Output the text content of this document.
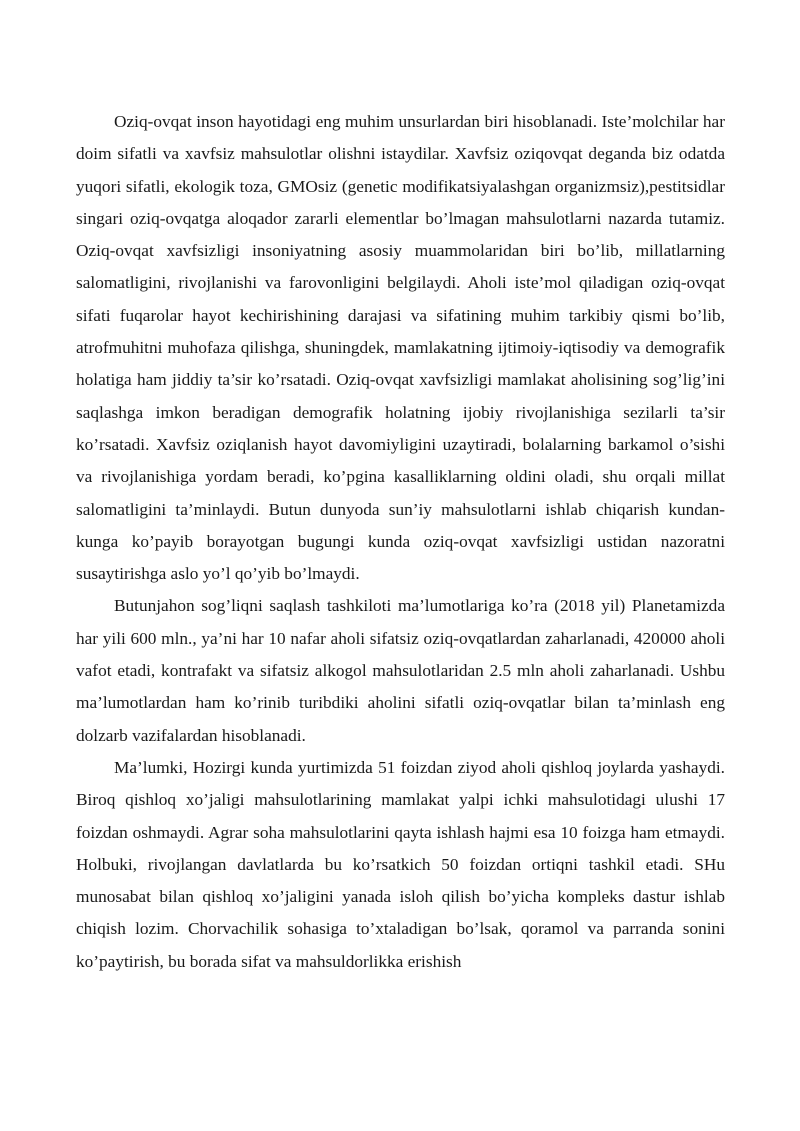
Oziq-ovqat inson hayotidagi eng muhim unsurlardan biri hisoblanadi. Iste’molchilar har doim sifatli va xavfsiz mahsulotlar olishni istaydilar. Xavfsiz oziqovqat deganda biz odatda yuqori sifatli, ekologik toza, GMOsiz (genetic modifikatsiyalashgan organizmsiz),pestitsidlar singari oziq-ovqatga aloqador zararli elementlar bo’lmagan mahsulotlarni nazarda tutamiz. Oziq-ovqat xavfsizligi insoniyatning asosiy muammolaridan biri bo’lib, millatlarning salomatligini, rivojlanishi va farovonligini belgilaydi. Aholi iste’mol qiladigan oziq-ovqat sifati fuqarolar hayot kechirishining darajasi va sifatining muhim tarkibiy qismi bo’lib, atrofmuhitni muhofaza qilishga, shuningdek, mamlakatning ijtimoiy-iqtisodiy va demografik holatiga ham jiddiy ta’sir ko’rsatadi. Oziq-ovqat xavfsizligi mamlakat aholisining sog’lig’ini saqlashga imkon beradigan demografik holatning ijobiy rivojlanishiga sezilarli ta’sir ko’rsatadi. Xavfsiz oziqlanish hayot davomiyligini uzaytiradi, bolalarning barkamol o’sishi va rivojlanishiga yordam beradi, ko’pgina kasalliklarning oldini oladi, shu orqali millat salomatligini ta’minlaydi. Butun dunyoda sun’iy mahsulotlarni ishlab chiqarish kundan-kunga ko’payib borayotgan bugungi kunda oziq-ovqat xavfsizligi ustidan nazoratni susaytirishga aslo yo’l qo’yib bo’lmaydi.

Butunjahon sog’liqni saqlash tashkiloti ma’lumotlariga ko’ra (2018 yil) Planetamizda har yili 600 mln., ya’ni har 10 nafar aholi sifatsiz oziq-ovqatlardan zaharlanadi, 420000 aholi vafot etadi, kontrafakt va sifatsiz alkogol mahsulotlaridan 2.5 mln aholi zaharlanadi. Ushbu ma’lumotlardan ham ko’rinib turibdiki aholini sifatli oziq-ovqatlar bilan ta’minlash eng dolzarb vazifalardan hisoblanadi.

Ma’lumki, Hozirgi kunda yurtimizda 51 foizdan ziyod aholi qishloq joylarda yashaydi. Biroq qishloq xo’jaligi mahsulotlarining mamlakat yalpi ichki mahsulotidagi ulushi 17 foizdan oshmaydi. Agrar soha mahsulotlarini qayta ishlash hajmi esa 10 foizga ham etmaydi. Holbuki, rivojlangan davlatlarda bu ko’rsatkich 50 foizdan ortiqni tashkil etadi. SHu munosabat bilan qishloq xo’jaligini yanada isloh qilish bo’yicha kompleks dastur ishlab chiqish lozim. Chorvachilik sohasiga to’xtaladigan bo’lsak, qoramol va parranda sonini ko’paytirish, bu borada sifat va mahsuldorlikka erishish
